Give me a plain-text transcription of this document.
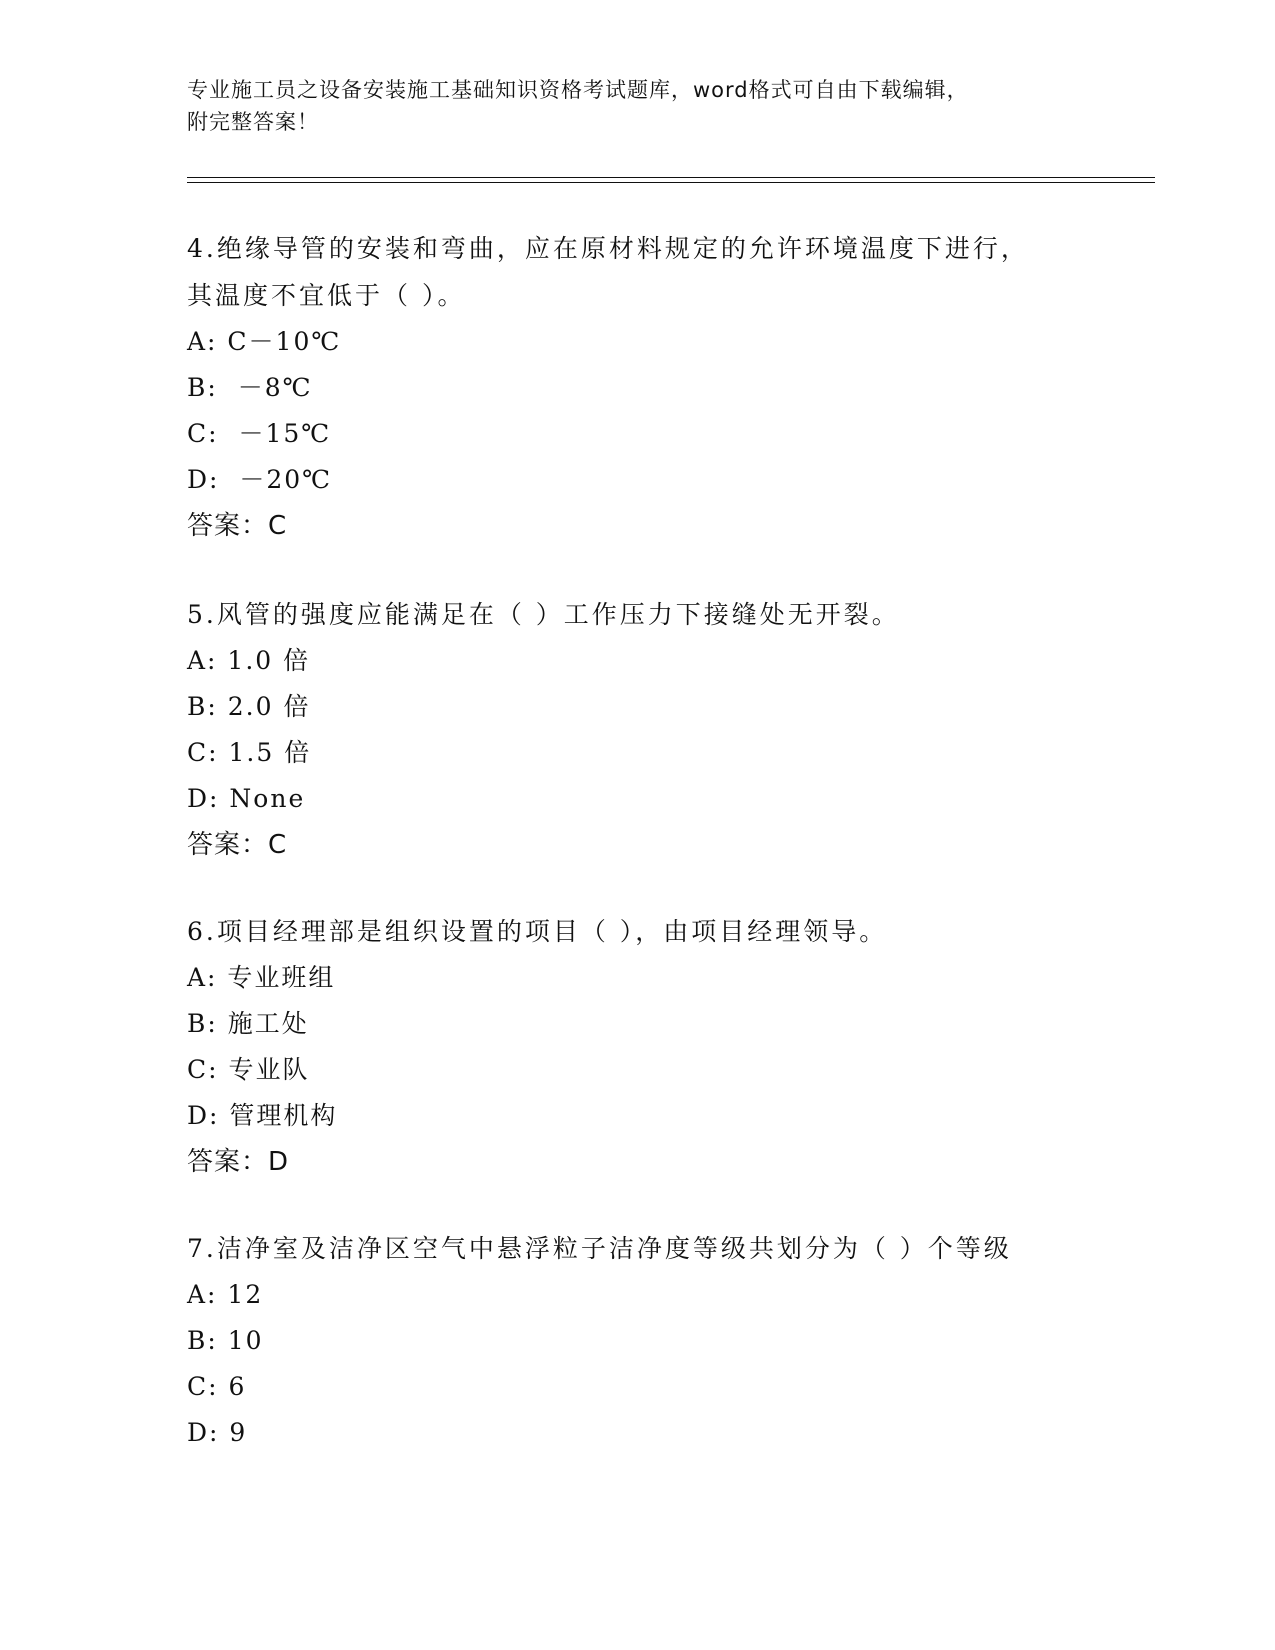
专业施工员之设备安装施工基础知识资格考试题库，word格式可自由下载编辑，
附完整答案！
4.绝缘导管的安装和弯曲，应在原材料规定的允许环境温度下进行，
其温度不宜低于（ ）。
A: C－10℃
B:  －8℃
C:  －15℃
D:  －20℃
答案：C
5.风管的强度应能满足在（ ）工作压力下接缝处无开裂。
A: 1.0 倍
B: 2.0 倍
C: 1.5 倍
D: None
答案：C
6.项目经理部是组织设置的项目（ ），由项目经理领导。
A: 专业班组
B: 施工处
C: 专业队
D: 管理机构
答案：D
7.洁净室及洁净区空气中悬浮粒子洁净度等级共划分为（ ）个等级
A: 12
B: 10
C: 6
D: 9
